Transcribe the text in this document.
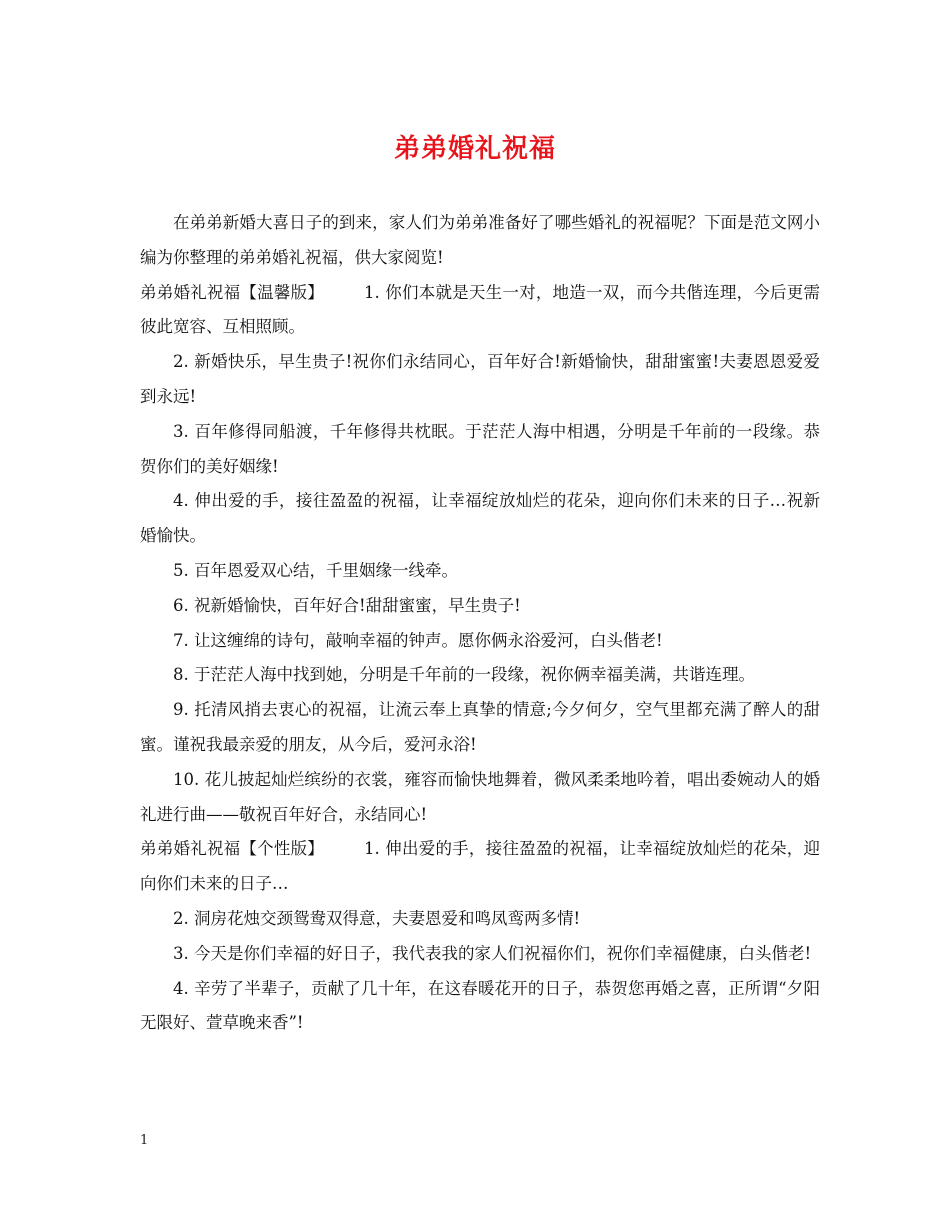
弟弟婚礼祝福

在弟弟新婚大喜日子的到来，家人们为弟弟准备好了哪些婚礼的祝福呢？下面是范文网小编为你整理的弟弟婚礼祝福，供大家阅览!

弟弟婚礼祝福【温馨版】 1. 你们本就是天生一对，地造一双，而今共偕连理，今后更需彼此宽容、互相照顾。

2. 新婚快乐，早生贵子!祝你们永结同心，百年好合!新婚愉快，甜甜蜜蜜!夫妻恩恩爱爱到永远!

3. 百年修得同船渡，千年修得共枕眠。于茫茫人海中相遇，分明是千年前的一段缘。恭贺你们的美好姻缘!

4. 伸出爱的手，接往盈盈的祝福，让幸福绽放灿烂的花朵，迎向你们未来的日子…祝新婚愉快。

5. 百年恩爱双心结，千里姻缘一线牵。

6. 祝新婚愉快，百年好合!甜甜蜜蜜，早生贵子!

7. 让这缠绵的诗句，敲响幸福的钟声。愿你俩永浴爱河，白头偕老!

8. 于茫茫人海中找到她，分明是千年前的一段缘，祝你俩幸福美满，共谐连理。

9. 托清风捎去衷心的祝福，让流云奉上真挚的情意;今夕何夕，空气里都充满了醉人的甜蜜。谨祝我最亲爱的朋友，从今后，爱河永浴!

10. 花儿披起灿烂缤纷的衣裳，雍容而愉快地舞着，微风柔柔地吟着，唱出委婉动人的婚礼进行曲——敬祝百年好合，永结同心!

弟弟婚礼祝福【个性版】 1. 伸出爱的手，接往盈盈的祝福，让幸福绽放灿烂的花朵，迎向你们未来的日子…

2. 洞房花烛交颈鸳鸯双得意，夫妻恩爱和鸣凤鸾两多情!

3. 今天是你们幸福的好日子，我代表我的家人们祝福你们，祝你们幸福健康，白头偕老!

4. 辛劳了半辈子，贡献了几十年，在这春暖花开的日子，恭贺您再婚之喜，正所谓“夕阳无限好、萱草晚来香”!

1
